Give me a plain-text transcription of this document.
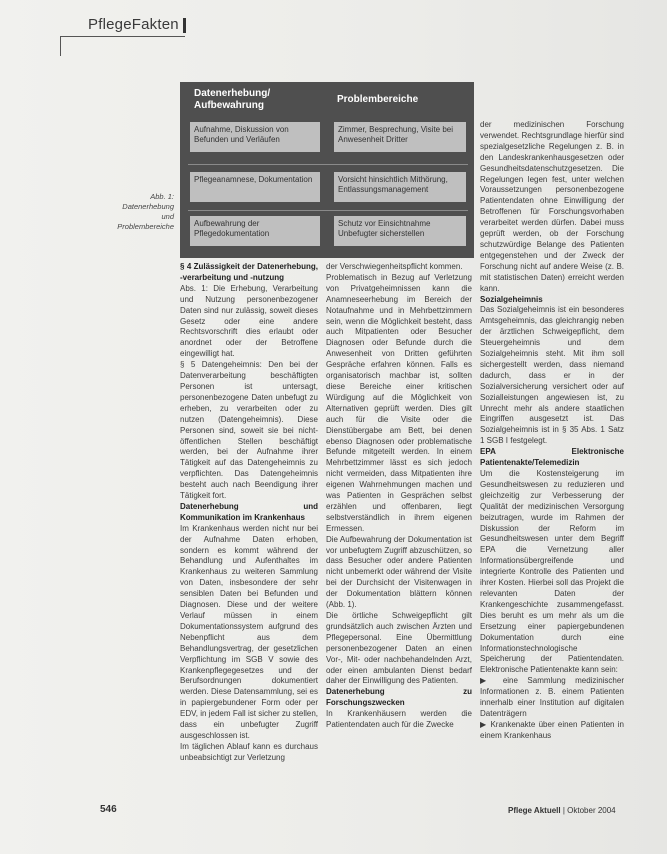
PflegeFakten
Datenerhebung/
Aufbewahrung
Problembereiche
Aufnahme, Diskussion von Befunden und Verläufen
Zimmer, Besprechung, Visite bei Anwesenheit Dritter
Pflegeanamnese, Dokumentation	Vorsicht hinsichtlich Mithörung, Entlassungsmanagement
Aufbewahrung der Pflegedokumentation
Schutz vor Einsichtnahme Unbefugter sicherstellen
Abb. 1:
Datenerhebung und
Problembereiche

§ 4 Zulässigkeit der Datenerhebung, -verarbeitung und -nutzung

Abs. 1: Die Erhebung, Verarbeitung und Nutzung personenbezogener Daten sind nur zulässig, soweit dieses Gesetz oder eine andere Rechtsvorschrift dies erlaubt oder anordnet oder der Betroffene eingewilligt hat.

§ 5 Datengeheimnis: Den bei der Datenverarbeitung beschäftigten Personen ist untersagt, personenbezogene Daten unbefugt zu erheben, zu verarbeiten oder zu nutzen (Datengeheimnis). Diese Personen sind, soweit sie bei nicht-öffentlichen Stellen beschäftigt werden, bei der Aufnahme ihrer Tätigkeit auf das Datengeheimnis zu verpflichten. Das Datengeheimnis besteht auch nach Beendigung ihrer Tätigkeit fort.

Datenerhebung und Kommunikation im Krankenhaus

Im Krankenhaus werden nicht nur bei der Aufnahme Daten erhoben, sondern es kommt während der Behandlung und Aufenthaltes im Krankenhaus zu weiteren Sammlung von Daten, insbesondere der sehr sensiblen Daten bei Befunden und Diagnosen. Diese und der weitere Verlauf müssen in einem Dokumentationssystem aufgrund des Nebenpflicht aus dem Behandlungsvertrag, der gesetzlichen Verpflichtung im SGB V sowie des Krankenpflegegesetzes und der Berufsordnungen dokumentiert werden. Diese Datensammlung, sei es in papiergebundener Form oder per EDV, in jedem Fall ist sicher zu stellen, dass ein unbefugter Zugriff ausgeschlossen ist.

Im täglichen Ablauf kann es durchaus unbeabsichtigt zur Verletzung

der Verschwiegenheitspflicht kommen.

Problematisch in Bezug auf Verletzung von Privatgeheimnissen kann die Anamneseerhebung im Bereich der Notaufnahme und in Mehrbettzimmern sein, wenn die Möglichkeit besteht, dass auch Mitpatienten oder Besucher Diagnosen oder Befunde durch die Anwesenheit von Dritten geführten Gespräche erfahren können. Falls es organisatorisch machbar ist, sollten diese Bereiche einer kritischen Würdigung auf die Möglichkeit von Alternativen geprüft werden. Dies gilt auch für die Visite oder die Dienstübergabe am Bett, bei denen ebenso Diagnosen oder problematische Befunde mitgeteilt werden. In einem Mehrbettzimmer lässt es sich jedoch nicht vermeiden, dass Mitpatienten ihre eigenen Wahrnehmungen machen und was Patienten in Gesprächen selbst erzählen und offenbaren, liegt selbstverständlich in ihrem eigenen Ermessen.

Die Aufbewahrung der Dokumentation ist vor unbefugtem Zugriff abzuschützen, so dass Besucher oder andere Patienten nicht unbemerkt oder während der Visite bei der Durchsicht der Visitenwagen in der Dokumentation blättern können (Abb. 1).

Die örtliche Schweigepflicht gilt grundsätzlich auch zwischen Ärzten und Pflegepersonal. Eine Übermittlung personenbezogener Daten an einen Vor-, Mit- oder nachbehandelnden Arzt, oder einen ambulanten Dienst bedarf daher der Einwilligung des Patienten.

Datenerhebung zu Forschungszwecken

In Krankenhäusern werden die Patientendaten auch für die Zwecke

der medizinischen Forschung verwendet. Rechtsgrundlage hierfür sind spezialgesetzliche Regelungen z. B. in den Landeskrankenhausgesetzen oder Gesundheitsdatenschutzgesetzen. Die Regelungen legen fest, unter welchen Voraussetzungen personenbezogene Patientendaten ohne Einwilligung der Betroffenen für Forschungsvorhaben verarbeitet werden dürfen. Dabei muss geprüft werden, ob der Forschung schutzwürdige Belange des Patienten entgegenstehen und der Zweck der Forschung nicht auf andere Weise (z. B. mit statistischen Daten) erreicht werden kann.

Sozialgeheimnis

Das Sozialgeheimnis ist ein besonderes Amtsgeheimnis, das gleichrangig neben der ärztlichen Schweigepflicht, dem Steuergeheimnis und dem Sozialgeheimnis steht. Mit ihm soll sichergestellt werden, dass niemand dadurch, dass er in der Sozialversicherung versichert oder auf Sozialleistungen angewiesen ist, zu Unrecht mehr als andere staatlichen Eingriffen ausgesetzt ist. Das Sozialgeheimnis ist in § 35 Abs. 1 Satz 1 SGB I festgelegt.

EPA Elektronische Patientenakte/Telemedizin

Um die Kostensteigerung im Gesundheitswesen zu reduzieren und gleichzeitig zur Verbesserung der Qualität der medizinischen Versorgung beizutragen, wurde im Rahmen der Diskussion der Reform im Gesundheitswesen unter dem Begriff EPA die Vernetzung aller Informationsübergreifende und integrierte Kontrolle des Patienten und ihrer Kosten. Hierbei soll das Projekt die relevanten Daten der Krankengeschichte zusammengefasst. Dies beruht es um mehr als um die Ersetzung einer papiergebundenen Dokumentation durch eine Informationstechnologische Speicherung der Patientendaten. Elektronische Patientenakte kann sein:

▶ eine Sammlung medizinischer Informationen z. B. einem Patienten innerhalb einer Institution auf digitalen Datenträgern

▶ Krankenakte über einen Patienten in einem Krankenhaus

546	Pflege Aktuell | Oktober 2004
